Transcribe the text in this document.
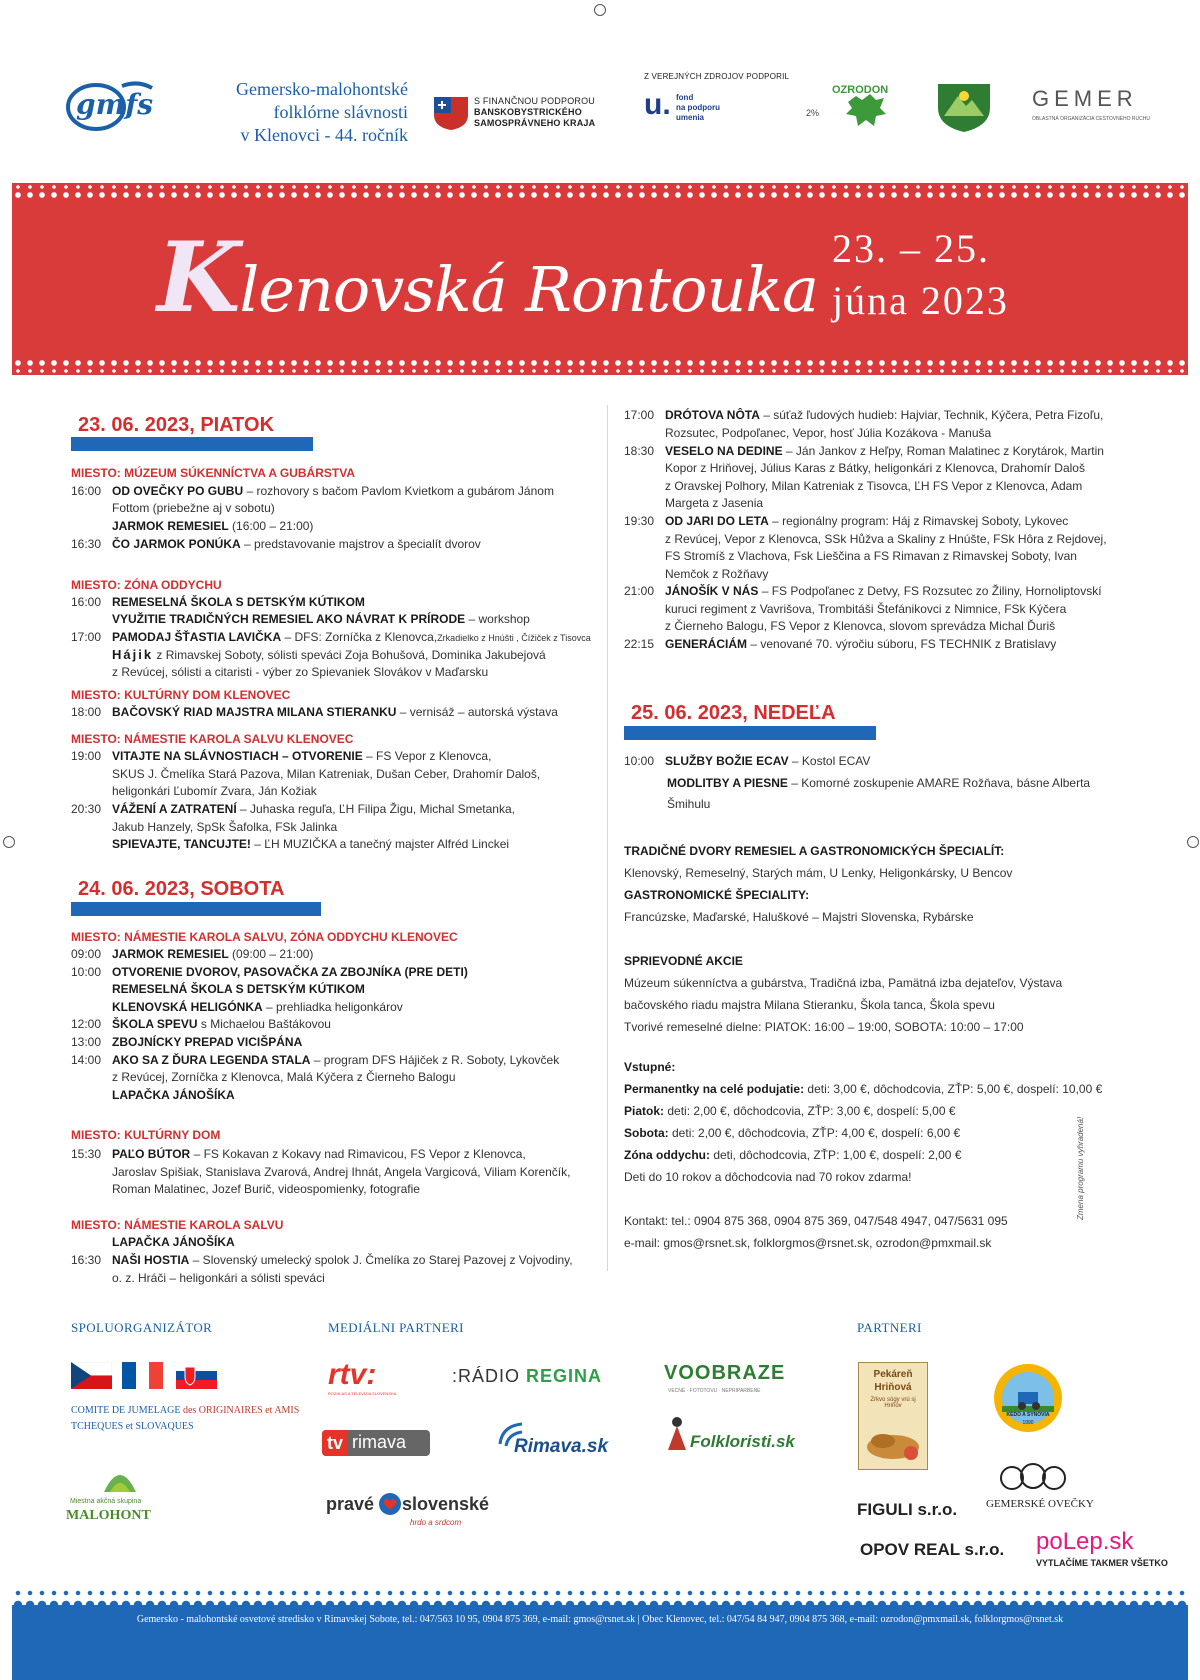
gmfs	Gemersko-malohontské
folklórne slávnosti
v Klenovci - 44. ročník
S FINANČNOU PODPOROU
BANSKOBYSTRICKÉHO
SAMOSPRÁVNEHO KRAJA
Z VEREJNÝCH ZDROJOV PODPORIL
u. fond
na podporu
umenia	2%
OZRODON	GEMER
OBLASTNÁ ORGANIZÁCIA CESTOVNÉHO RUCHU
Klenovská Rontouka
23. – 25.
júna 2023
23. 06. 2023, PIATOK
MIESTO: MÚZEUM SÚKENNÍCTVA A GUBÁRSTVA
16:00 OD OVEČKY PO GUBU – rozhovory s bačom Pavlom Kvietkom a gubárom Jánom
Fottom (priebežne aj v sobotu)
JARMOK REMESIEL (16:00 – 21:00)
16:30 ČO JARMOK PONÚKA – predstavovanie majstrov a špecialít dvorov
MIESTO: ZÓNA ODDYCHU
16:00 REMESELNÁ ŠKOLA S DETSKÝM KÚTIKOM
VYUŽITIE TRADIČNÝCH REMESIEL AKO NÁVRAT K PRÍRODE – workshop
17:00 PAMODAJ ŠŤASTIA LAVIČKA – DFS: Zorníčka z Klenovca,Zrkadielko z Hnúšti , Čížiček z Tisovca
Hájik z Rimavskej Soboty, sólisti speváci Zoja Bohušová, Dominika Jakubejová
z Revúcej, sólisti a citaristi - výber zo Spievaniek Slovákov v Maďarsku
MIESTO: KULTÚRNY DOM KLENOVEC
18:00 BAČOVSKÝ RIAD MAJSTRA MILANA STIERANKU – vernisáž – autorská výstava
MIESTO: NÁMESTIE KAROLA SALVU KLENOVEC
19:00 VITAJTE NA SLÁVNOSTIACH – OTVORENIE – FS Vepor z Klenovca,
SKUS J. Čmelíka Stará Pazova, Milan Katreniak, Dušan Ceber, Drahomír Daloš,
heligonkári Ľubomír Zvara, Ján Kožiak
20:30 VÁŽENÍ A ZATRATENÍ – Juhaska reguľa, ĽH Filipa Žigu, Michal Smetanka,
Jakub Hanzely, SpSk Šafolka, FSk Jalinka
SPIEVAJTE, TANCUJTE! – ĽH MUZIČKA a tanečný majster Alfréd Linckei
24. 06. 2023, SOBOTA
MIESTO: NÁMESTIE KAROLA SALVU, ZÓNA ODDYCHU KLENOVEC
09:00 JARMOK REMESIEL (09:00 – 21:00)
10:00 OTVORENIE DVOROV, PASOVAČKA ZA ZBOJNÍKA (PRE DETI)
REMESELNÁ ŠKOLA S DETSKÝM KÚTIKOM
KLENOVSKÁ HELIGÓNKA – prehliadka heligonkárov
12:00 ŠKOLA SPEVU s Michaelou Baštákovou
13:00 ZBOJNÍCKY PREPAD VICIŠPÁNA
14:00 AKO SA Z ĎURA LEGENDA STALA – program DFS Hájiček z R. Soboty, Lykovček
z Revúcej, Zorníčka z Klenovca, Malá Kýčera z Čierneho Balogu
LAPAČKA JÁNOŠÍKA
MIESTO: KULTÚRNY DOM
15:30 PAĽO BÚTOR – FS Kokavan z Kokavy nad Rimavicou, FS Vepor z Klenovca,
Jaroslav Spišiak, Stanislava Zvarová, Andrej Ihnát, Angela Vargicová, Viliam Korenčík,
Roman Malatinec, Jozef Burič, videospomienky, fotografie
MIESTO: NÁMESTIE KAROLA SALVU
LAPAČKA JÁNOŠÍKA
16:30 NAŠI HOSTIA – Slovenský umelecký spolok J. Čmelíka zo Starej Pazovej z Vojvodiny,
o. z. Hráči – heligonkári a sólisti speváci
17:00 DRÓTOVA NÔTA – súťaž ľudových hudieb: Hajviar, Technik, Kýčera, Petra Fizoľu,
Rozsutec, Podpoľanec, Vepor, hosť Júlia Kozákova - Manuša
18:30 VESELO NA DEDINE – Ján Jankov z Heľpy, Roman Malatinec z Korytárok, Martin
Kopor z Hriňovej, Július Karas z Bátky, heligonkári z Klenovca, Drahomír Daloš
z Oravskej Polhory, Milan Katreniak z Tisovca, ĽH FS Vepor z Klenovca, Adam
Margeta z Jasenia
19:30 OD JARI DO LETA – regionálny program: Háj z Rimavskej Soboty, Lykovec
z Revúcej, Vepor z Klenovca, SSk Hůžva a Skaliny z Hnúšte, FSk Hôra z Rejdovej,
FS Stromíš z Vlachova, Fsk Liešč̌ina a FS Rimavan z Rimavskej Soboty, Ivan
Nemčok z Rožňavy
21:00 JÁNOŠÍK V NÁS – FS Podpoľanec z Detvy, FS Rozsutec zo Žiliny, Hornoliptovskí
kuruci regiment z Vavrišova, Trombitáši Štefánikovci z Nimnice, FSk Kýčera
z Čierneho Balogu, FS Vepor z Klenovca, slovom sprevádza Michal Ďuriš
22:15 GENERÁCIÁM – venované 70. výročiu súboru, FS TECHNIK z Bratislavy
25. 06. 2023, NEDEĽA
10:00 SLUŽBY BOŽIE ECAV – Kostol ECAV
MODLITBY A PIESNE – Komorné zoskupenie AMARE Rožňava, básne Alberta
Šmihulu
TRADIČNÉ DVORY REMESIEL A GASTRONOMICKÝCH ŠPECIALÍT:
Klenovský, Remeselný, Starých mám, U Lenky, Heligonkársky, U Bencov
GASTRONOMICKÉ ŠPECIALITY:
Francúzske, Maďarské, Haluškové – Majstri Slovenska, Rybárske
SPRIEVODNÉ AKCIE
Múzeum súkenníctva a gubárstva, Tradičná izba, Pamätná izba dejateľov, Výstava
bačovského riadu majstra Milana Stieranku, Škola tanca, Škola spevu
Tvorivé remeselné dielne: PIATOK: 16:00 – 19:00, SOBOTA: 10:00 – 17:00
Vstupné:
Permanentky na celé podujatie: deti: 3,00 €, dôchodcovia, ZŤP: 5,00 €, dospelí: 10,00 €
Piatok: deti: 2,00 €, dôchodcovia, ZŤP: 3,00 €, dospelí: 5,00 €
Sobota: deti: 2,00 €, dôchodcovia, ZŤP: 4,00 €, dospelí: 6,00 €
Zóna oddychu: deti, dôchodcovia, ZŤP: 1,00 €, dospelí: 2,00 €
Deti do 10 rokov a dôchodcovia nad 70 rokov zdarma!
Kontakt: tel.: 0904 875 368, 0904 875 369, 047/548 4947, 047/5631 095
e-mail: gmos@rsnet.sk, folklorgmos@rsnet.sk, ozrodon@pmxmail.sk
Zmena programu vyhradená!
SPOLUORGANIZÁTOR	MEDIÁLNI PARTNERI	PARTNERI
COMITE DE JUMELAGE des ORIGINAIRES et AMIS
TCHEQUES et SLOVAQUES
Miestna akčná skupina
MALOHONT
rtv:
ROZHLAS A TELEVÍZIA SLOVENSKA
:RÁDIO REGINA	VOOBRAZE
VECNÉ · FOTOTOVU · NEPRIPARBENE
tv rimava	Rimava.sk	Folkloristi.sk
pravé slovenské
hrdo a srdcom
Pekáreň
Hriňová
Zrkvo sógy vrú sj Hriňov
KEDO A SYNOVIA
1990
FIGULI s.r.o.	GEMERSKÉ OVEČKY
OPOV REAL s.r.o. poLep.sk
VYTLAČÍME TAKMER VŠETKO
Gemersko - malohontské osvetové stredisko v Rimavskej Sobote, tel.: 047/563 10 95, 0904 875 369, e-mail: gmos@rsnet.sk | Obec Klenovec, tel.: 047/54 84 947, 0904 875 368, e-mail: ozrodon@pmxmail.sk, folklorgmos@rsnet.sk
